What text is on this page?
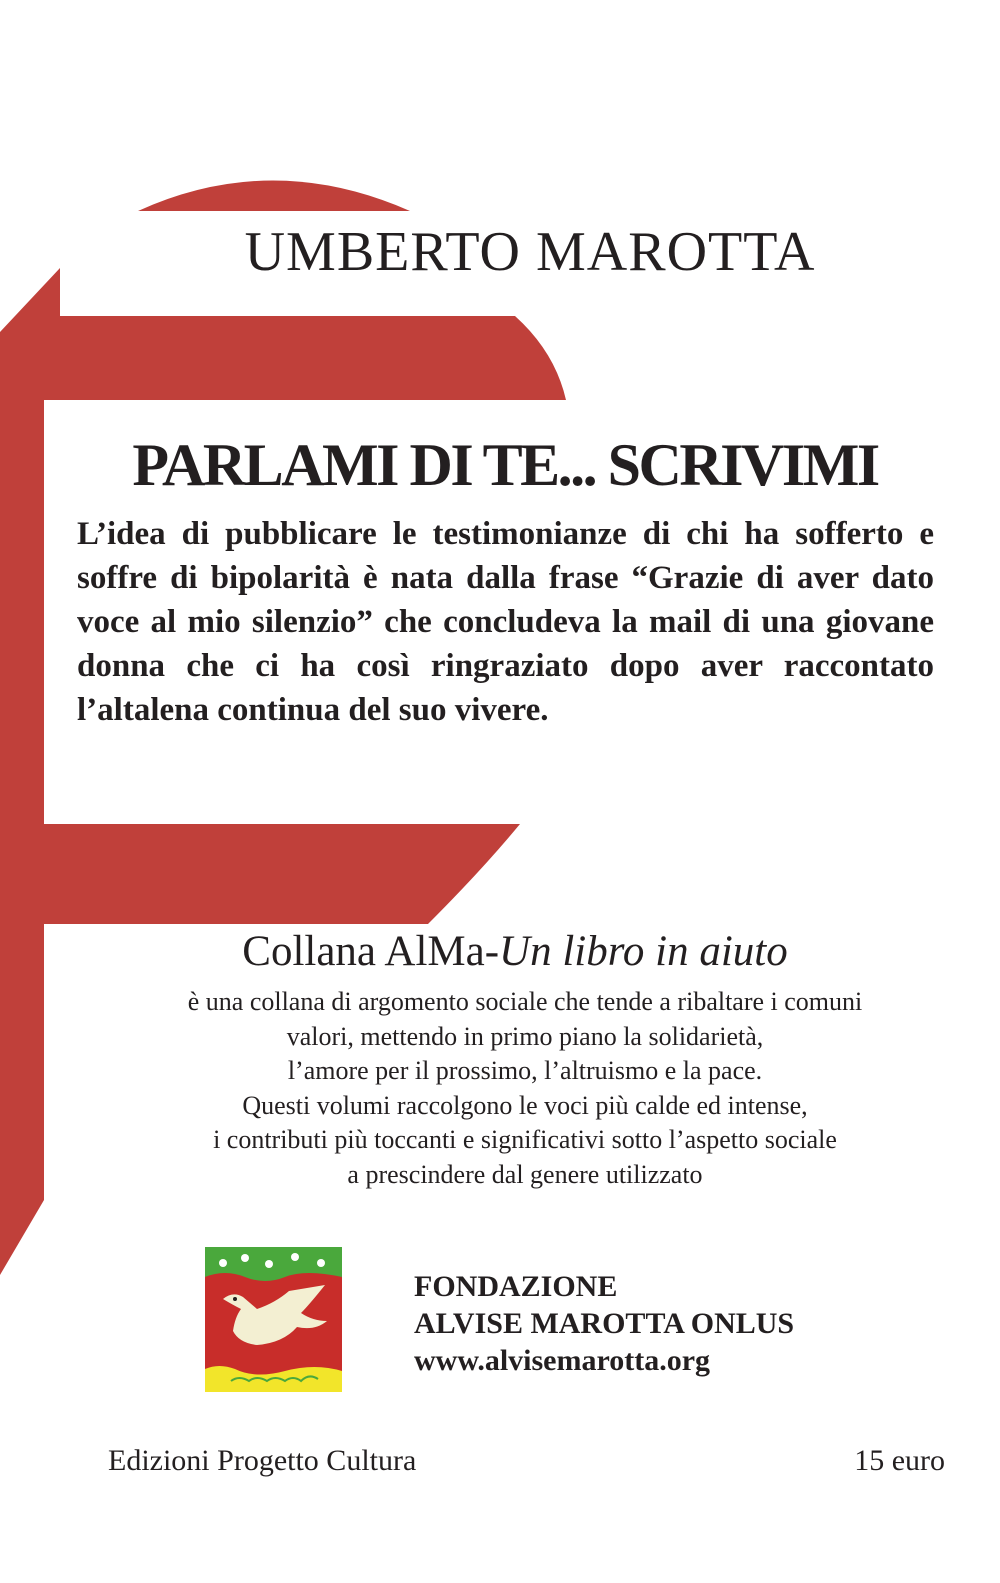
UMBERTO MAROTTA
PARLAMI DI TE... SCRIVIMI
L’idea di pubblicare le testimonianze di chi ha sofferto e soffre di bipolarità è nata dalla frase “Grazie di aver dato voce al mio silenzio” che concludeva la mail di una giovane donna che ci ha così ringraziato dopo aver raccontato l’altalena continua del suo vivere.
Collana AlMa-Un libro in aiuto
è una collana di argomento sociale che tende a ribaltare i comuni
valori, mettendo in primo piano la solidarietà,
l’amore per il prossimo, l’altruismo e la pace.
Questi volumi raccolgono le voci più calde ed intense,
i contributi più toccanti e significativi sotto l’aspetto sociale
a prescindere dal genere utilizzato
FONDAZIONE
ALVISE MAROTTA ONLUS
www.alvisemarotta.org
Edizioni Progetto Cultura	15 euro
